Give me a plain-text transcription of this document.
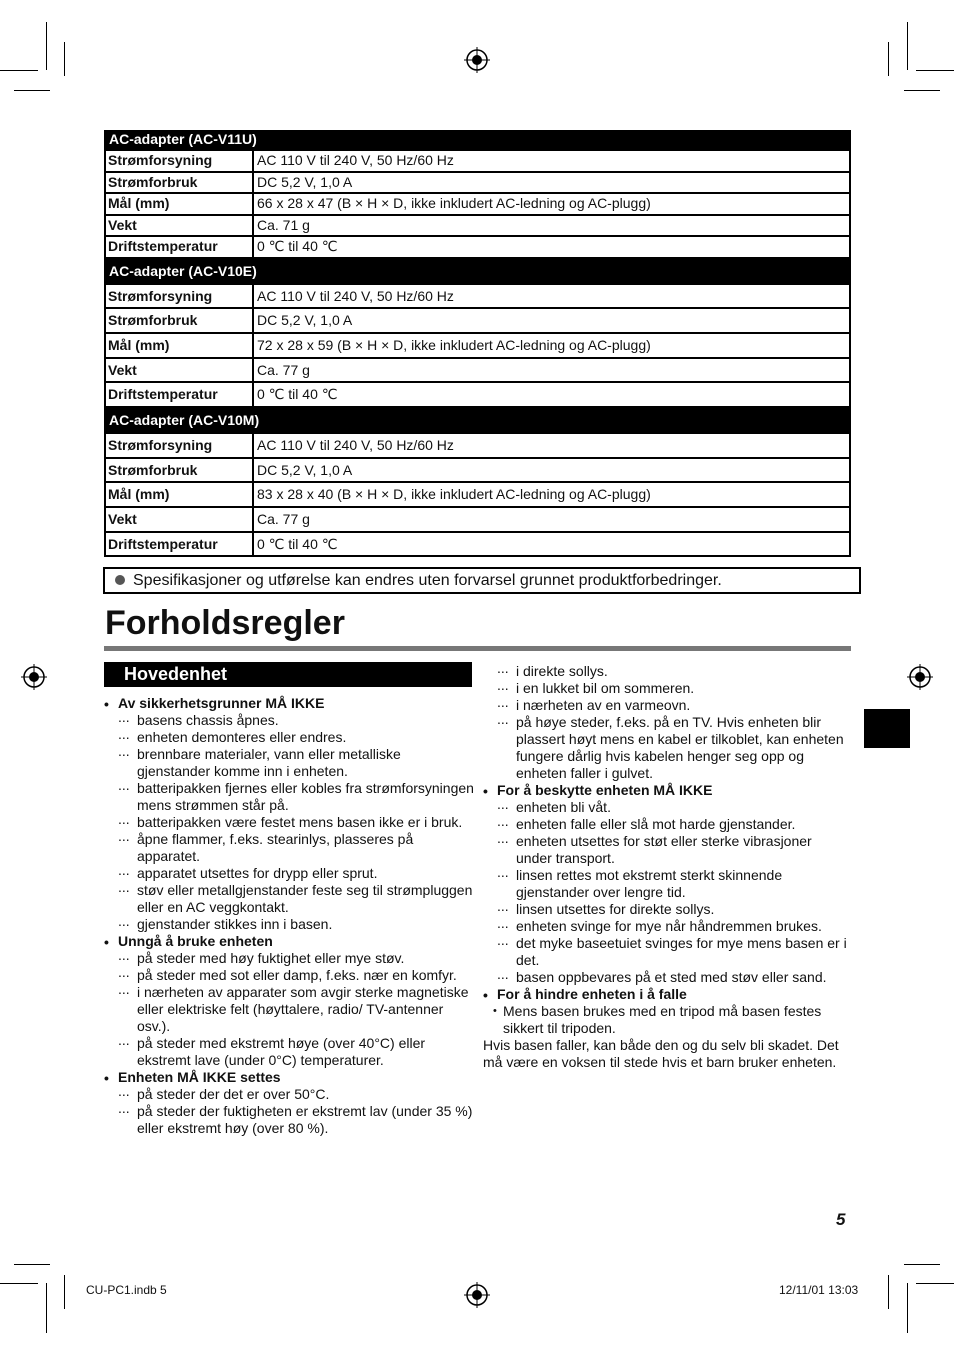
AC-adapter (AC-V11U)
Strømforsyning	AC 110 V til 240 V, 50 Hz/60 Hz
Strømforbruk	DC 5,2 V, 1,0 A
Mål (mm)	66 x 28 x 47 (B × H × D, ikke inkludert AC-ledning og AC-plugg)
Vekt	Ca. 71 g
Driftstemperatur	0 ℃ til 40 ℃
AC-adapter (AC-V10E)
Strømforsyning	AC 110 V til 240 V, 50 Hz/60 Hz
Strømforbruk	DC 5,2 V, 1,0 A
Mål (mm)	72 x 28 x 59 (B × H × D, ikke inkludert AC-ledning og AC-plugg)
Vekt	Ca. 77 g
Driftstemperatur	0 ℃ til 40 ℃
AC-adapter (AC-V10M)
Strømforsyning	AC 110 V til 240 V, 50 Hz/60 Hz
Strømforbruk	DC 5,2 V, 1,0 A
Mål (mm)	83 x 28 x 40 (B × H × D, ikke inkludert AC-ledning og AC-plugg)
Vekt	Ca. 77 g
Driftstemperatur	0 ℃ til 40 ℃
Spesifikasjoner og utførelse kan endres uten forvarsel grunnet produktforbedringer.
Forholdsregler
Hovedenhet
• Av sikkerhetsgrunner MÅ IKKE
... basens chassis åpnes.
... enheten demonteres eller endres.
... brennbare materialer, vann eller metalliske gjenstander komme inn i enheten.
... batteripakken fjernes eller kobles fra strømforsyningen mens strømmen står på.
... batteripakken være festet mens basen ikke er i bruk.
... åpne flammer, f.eks. stearinlys, plasseres på apparatet.
... apparatet utsettes for drypp eller sprut.
... støv eller metallgjenstander feste seg til strømpluggen eller en AC veggkontakt.
... gjenstander stikkes inn i basen.
• Unngå å bruke enheten
... på steder med høy fuktighet eller mye støv.
... på steder med sot eller damp, f.eks. nær en komfyr.
... i nærheten av apparater som avgir sterke magnetiske eller elektriske felt (høyttalere, radio/ TV-antenner osv.).
... på steder med ekstremt høye (over 40°C) eller ekstremt lave (under 0°C) temperaturer.
• Enheten MÅ IKKE settes
... på steder der det er over 50°C.
... på steder der fuktigheten er ekstremt lav (under 35 %) eller ekstremt høy (over 80 %).
... i direkte sollys.
... i en lukket bil om sommeren.
... i nærheten av en varmeovn.
... på høye steder, f.eks. på en TV. Hvis enheten blir plassert høyt mens en kabel er tilkoblet, kan enheten fungere dårlig hvis kabelen henger seg opp og enheten faller i gulvet.
• For å beskytte enheten MÅ IKKE
... enheten bli våt.
... enheten falle eller slå mot harde gjenstander.
... enheten utsettes for støt eller sterke vibrasjoner under transport.
... linsen rettes mot ekstremt sterkt skinnende gjenstander over lengre tid.
... linsen utsettes for direkte sollys.
... enheten svinge for mye når håndremmen brukes.
... det myke baseetuiet svinges for mye mens basen er i det.
... basen oppbevares på et sted med støv eller sand.
• For å hindre enheten i å falle
• Mens basen brukes med en tripod må basen festes sikkert til tripoden.
Hvis basen faller, kan både den og du selv bli skadet. Det må være en voksen til stede hvis et barn bruker enheten.
5
CU-PC1.indb 5	12/11/01 13:03
